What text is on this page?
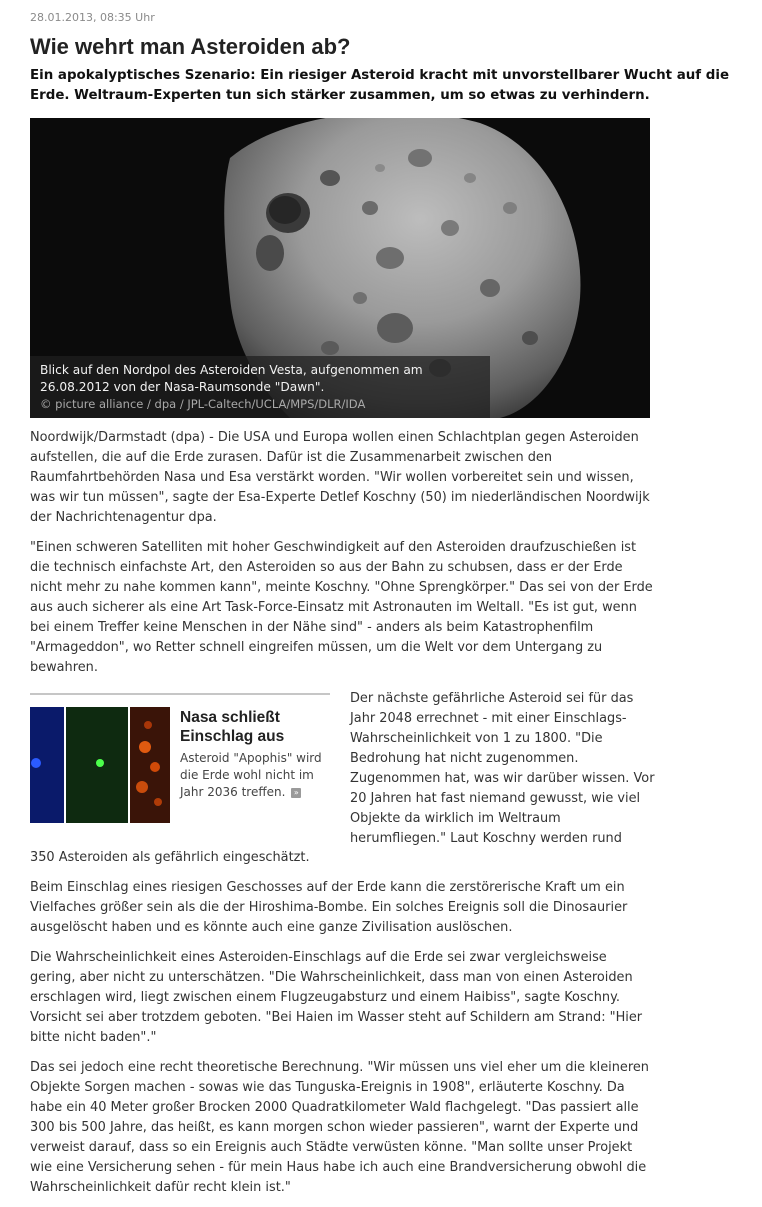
28.01.2013, 08:35 Uhr
Wie wehrt man Asteroiden ab?

Ein apokalyptisches Szenario: Ein riesiger Asteroid kracht mit unvorstellbarer Wucht auf die Erde. Weltraum-Experten tun sich stärker zusammen, um so etwas zu verhindern.

Blick auf den Nordpol des Asteroiden Vesta, aufgenommen am 26.08.2012 von der Nasa-Raumsonde "Dawn".
© picture alliance / dpa / JPL-Caltech/UCLA/MPS/DLR/IDA

Noordwijk/Darmstadt (dpa) - Die USA und Europa wollen einen Schlachtplan gegen Asteroiden aufstellen, die auf die Erde zurasen. Dafür ist die Zusammenarbeit zwischen den Raumfahrtbehörden Nasa und Esa verstärkt worden. "Wir wollen vorbereitet sein und wissen, was wir tun müssen", sagte der Esa-Experte Detlef Koschny (50) im niederländischen Noordwijk der Nachrichtenagentur dpa.

"Einen schweren Satelliten mit hoher Geschwindigkeit auf den Asteroiden draufzuschießen ist die technisch einfachste Art, den Asteroiden so aus der Bahn zu schubsen, dass er der Erde nicht mehr zu nahe kommen kann", meinte Koschny. "Ohne Sprengkörper." Das sei von der Erde aus auch sicherer als eine Art Task-Force-Einsatz mit Astronauten im Weltall. "Es ist gut, wenn bei einem Treffer keine Menschen in der Nähe sind" - anders als beim Katastrophenfilm "Armageddon", wo Retter schnell eingreifen müssen, um die Welt vor dem Untergang zu bewahren.

Nasa schließt Einschlag aus
Asteroid "Apophis" wird die Erde wohl nicht im Jahr 2036 treffen. »

Der nächste gefährliche Asteroid sei für das Jahr 2048 errechnet - mit einer Einschlags-Wahrscheinlichkeit von 1 zu 1800. "Die Bedrohung hat nicht zugenommen. Zugenommen hat, was wir darüber wissen. Vor 20 Jahren hat fast niemand gewusst, wie viel Objekte da wirklich im Weltraum herumfliegen." Laut Koschny werden rund

350 Asteroiden als gefährlich eingeschätzt.

Beim Einschlag eines riesigen Geschosses auf der Erde kann die zerstörerische Kraft um ein Vielfaches größer sein als die der Hiroshima-Bombe. Ein solches Ereignis soll die Dinosaurier ausgelöscht haben und es könnte auch eine ganze Zivilisation auslöschen.

Die Wahrscheinlichkeit eines Asteroiden-Einschlags auf die Erde sei zwar vergleichsweise gering, aber nicht zu unterschätzen. "Die Wahrscheinlichkeit, dass man von einen Asteroiden erschlagen wird, liegt zwischen einem Flugzeugabsturz und einem Haibiss", sagte Koschny. Vorsicht sei aber trotzdem geboten. "Bei Haien im Wasser steht auf Schildern am Strand: "Hier bitte nicht baden"."

Das sei jedoch eine recht theoretische Berechnung. "Wir müssen uns viel eher um die kleineren Objekte Sorgen machen - sowas wie das Tunguska-Ereignis in 1908", erläuterte Koschny. Da habe ein 40 Meter großer Brocken 2000 Quadratkilometer Wald flachgelegt. "Das passiert alle 300 bis 500 Jahre, das heißt, es kann morgen schon wieder passieren", warnt der Experte und verweist darauf, dass so ein Ereignis auch Städte verwüsten könne. "Man sollte unser Projekt wie eine Versicherung sehen - für mein Haus habe ich auch eine Brandversicherung obwohl die Wahrscheinlichkeit dafür recht klein ist."
